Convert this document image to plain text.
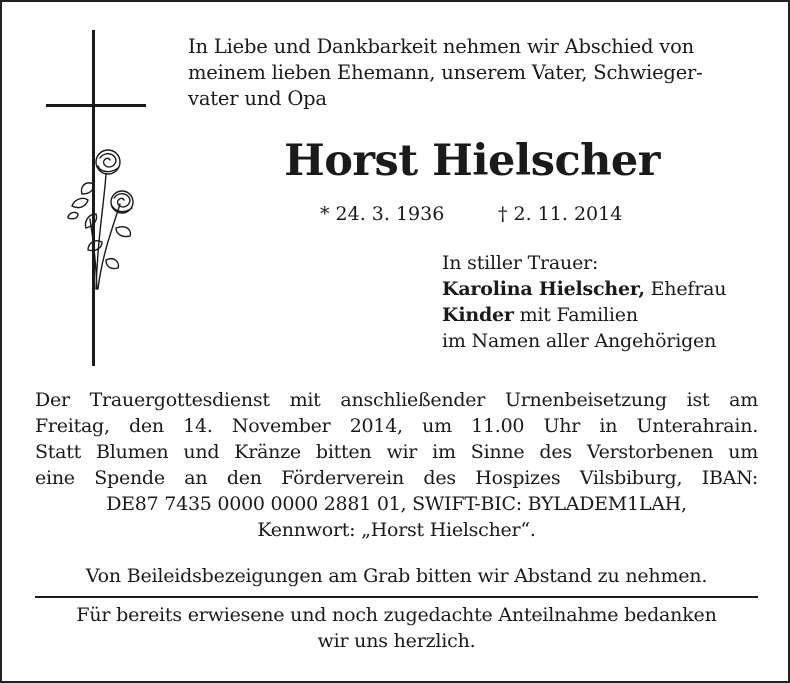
In Liebe und Dankbarkeit nehmen wir Abschied von
meinem lieben Ehemann, unserem Vater, Schwieger-
vater und Opa
Horst Hielscher
* 24. 3. 1936	† 2. 11. 2014
In stiller Trauer:
Karolina Hielscher, Ehefrau
Kinder mit Familien
im Namen aller Angehörigen
Der Trauergottesdienst mit anschließender Urnenbeisetzung ist am
Freitag, den 14. November 2014, um 11.00 Uhr in Unterahrain.
Statt Blumen und Kränze bitten wir im Sinne des Verstorbenen um
eine Spende an den Förderverein des Hospizes Vilsbiburg, IBAN:
DE87 7435 0000 0000 2881 01, SWIFT-BIC: BYLADEM1LAH,
Kennwort: „Horst Hielscher“.
Von Beileidsbezeigungen am Grab bitten wir Abstand zu nehmen.
Für bereits erwiesene und noch zugedachte Anteilnahme bedanken
wir uns herzlich.
